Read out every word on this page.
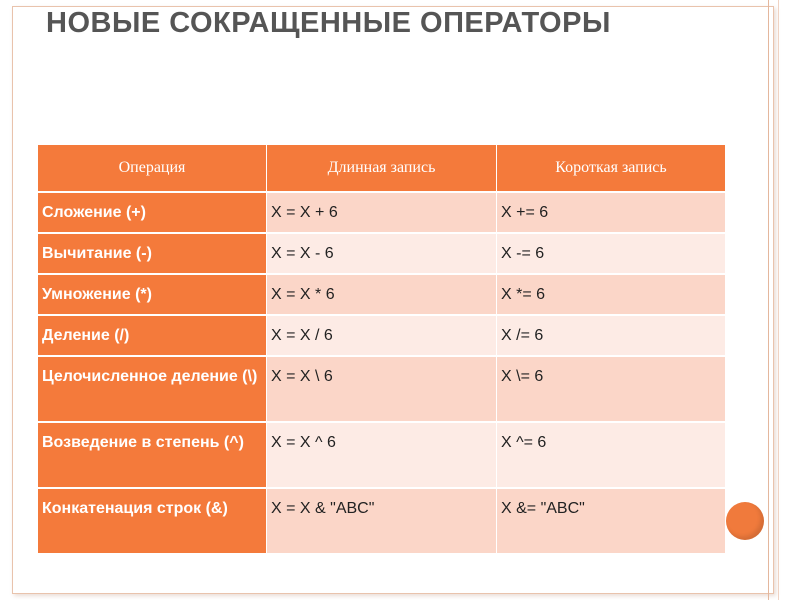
НОВЫЕ СОКРАЩЕННЫЕ ОПЕРАТОРЫ
Операция	Длинная запись	Короткая запись
Сложение (+)	X = X + 6	X += 6
Вычитание (-)	X = X - 6	X -= 6
Умножение (*)	X = X * 6	X *= 6
Деление (/)	X = X / 6	X /= 6
Целочисленное деление (\)	X = X \ 6	X \= 6
Возведение в степень (^)	X = X ^ 6	X ^= 6
Конкатенация строк (&)	X = X & "ABC"	X &= "ABC"
